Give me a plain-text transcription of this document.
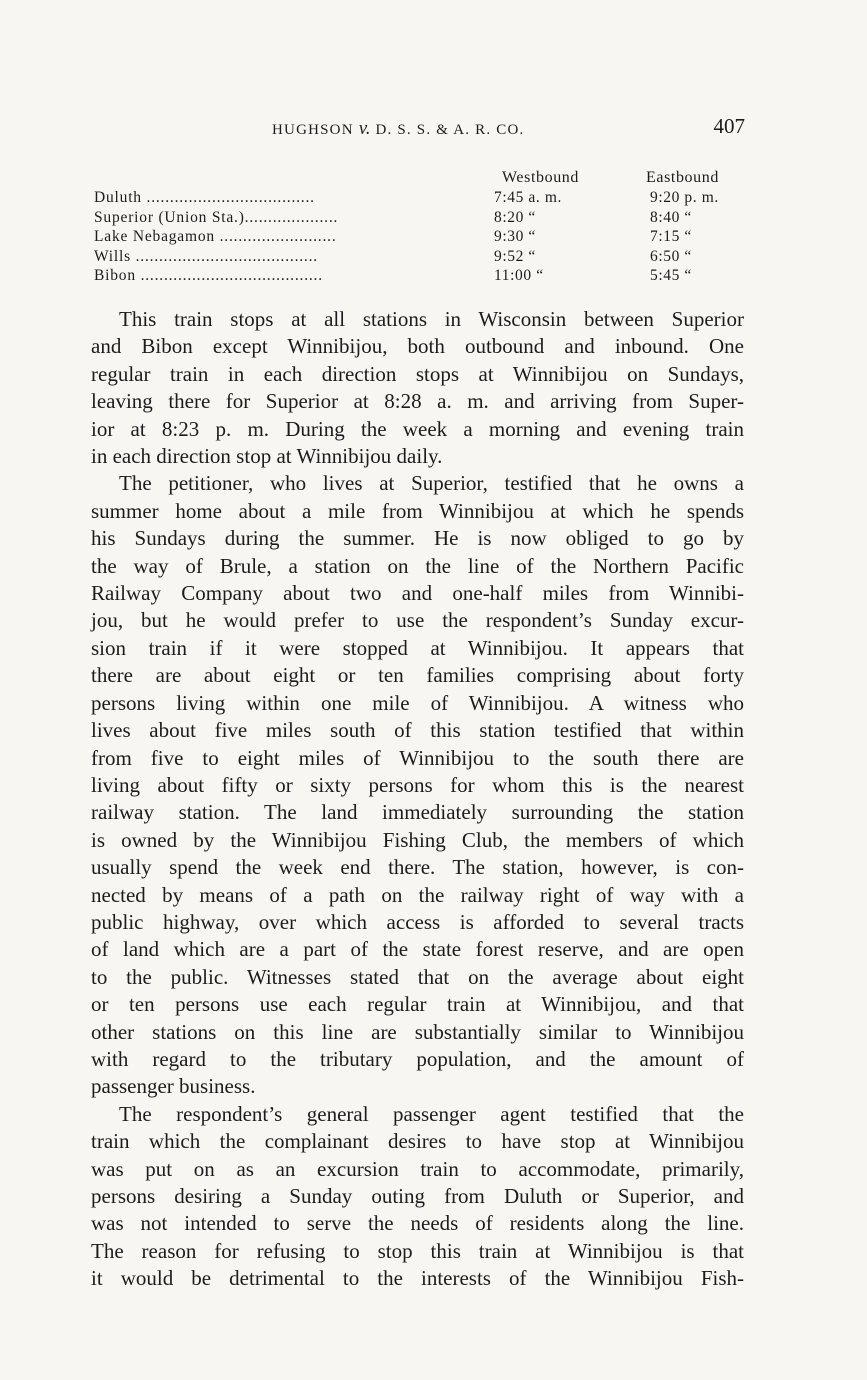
HUGHSON v. D. S. S. & A. R. CO.	407
Westbound	Eastbound
Duluth ....................................	7:45 a. m.	9:20 p. m.
Superior (Union Sta.)....................	8:20 “	8:40 “
Lake Nebagamon .........................	9:30 “	7:15 “
Wills .......................................	9:52 “	6:50 “
Bibon .......................................	11:00 “	5:45 “
This train stops at all stations in Wisconsin between Superior
and Bibon except Winnibijou, both outbound and inbound. One
regular train in each direction stops at Winnibijou on Sundays,
leaving there for Superior at 8:28 a. m. and arriving from Super-
ior at 8:23 p. m. During the week a morning and evening train
in each direction stop at Winnibijou daily.
The petitioner, who lives at Superior, testified that he owns a
summer home about a mile from Winnibijou at which he spends
his Sundays during the summer. He is now obliged to go by
the way of Brule, a station on the line of the Northern Pacific
Railway Company about two and one-half miles from Winnibi-
jou, but he would prefer to use the respondent’s Sunday excur-
sion train if it were stopped at Winnibijou. It appears that
there are about eight or ten families comprising about forty
persons living within one mile of Winnibijou. A witness who
lives about five miles south of this station testified that within
from five to eight miles of Winnibijou to the south there are
living about fifty or sixty persons for whom this is the nearest
railway station. The land immediately surrounding the station
is owned by the Winnibijou Fishing Club, the members of which
usually spend the week end there. The station, however, is con-
nected by means of a path on the railway right of way with a
public highway, over which access is afforded to several tracts
of land which are a part of the state forest reserve, and are open
to the public. Witnesses stated that on the average about eight
or ten persons use each regular train at Winnibijou, and that
other stations on this line are substantially similar to Winnibijou
with regard to the tributary population, and the amount of
passenger business.
The respondent’s general passenger agent testified that the
train which the complainant desires to have stop at Winnibijou
was put on as an excursion train to accommodate, primarily,
persons desiring a Sunday outing from Duluth or Superior, and
was not intended to serve the needs of residents along the line.
The reason for refusing to stop this train at Winnibijou is that
it would be detrimental to the interests of the Winnibijou Fish-
